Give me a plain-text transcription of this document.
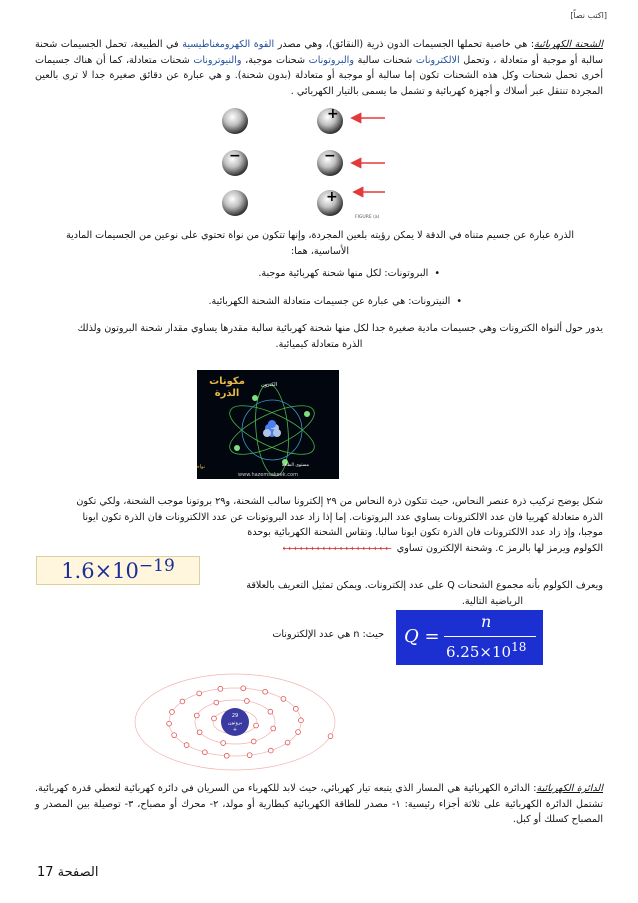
[اكتب نصاً]
الشحنة الكهربائية: هي خاصية تحملها الجسيمات الدون ذرية (النقائق)، وهي مصدر القوة الكهرومغناطيسية في الطبيعة، تحمل الجسيمات شحنة سالبة أو موجبة أو متعادلة ، وتحمل الالكترونات شحنات سالبة والبروتونات شحنات موجبة، والنيوترونات شحنات متعادلة، كما أن هناك جسيمات أخرى تحمل شحنات وكل هذه الشحنات تكون إما سالبة أو موجبة أو متعادلة (بدون شحنة). و هي عبارة عن دقائق صغيرة جدا لا ترى بالعين المجردة تنتقل عبر أسلاك و أجهزة كهربائية و تشمل ما يسمى بالتيار الكهربائي .
+
−	−
+
FIGURE (a)
الذرة عبارة عن جسيم متناه في الدقة لا يمكن رؤيته بلعين المجردة، وإنها تتكون من نواة تحتوي على نوعين من الجسيمات المادية
الأساسية، هما:
• البروتونات: لكل منها شحنة كهربائية موجبة.
• النيترونات: هي عبارة عن جسيمات متعادلة الشحنة الكهربائية.
يدور حول ألنواة الكترونات وهي جسيمات مادية صغيرة جدا لكل منها شحنة كهربائية سالبة مقدرها يساوي مقدار شحنة البروتون ولذلك
الذرة متعادلة كيميائية.
مكونات
الذرة
الكترون
نواة	مستوى الطاقة
www.hazemsakeek.com
شكل يوضح تركيب ذرة عنصر النحاس، حيث تتكون ذرة النحاس من ٢٩ إلكترونا سالب الشحنة، و٢٩ بروتونا موجب الشحنة، ولكي تكون
الذرة متعادلة كهربيا فان عدد الالكترونات يساوي عدد البروتونات. إما إذا زاد عدد البروتونات عن عدد الالكترونات فان الذرة تكون ايونا
موجبا، وإذ زاد عدد الالكترونات فان الذرة تكون ايونا سالبا. وتقاس الشحنة الكهربائية بوحدة
الكولوم ويرمز لها بالرمز c. وشحنة الإلكترون تساوي
←←←←←←←←←←←←←←←←←←←
$1.6\times 10^{-19}$
ويعرف الكولوم بأنه مجموع الشحنات Q على عدد إلكترونات. ويمكن تمثيل التعريف بالعلاقة
الرياضية التالية.
Q =
n
$6.25\times 10^{18}$
حيث: n هي عدد الإلكترونات
29
بروتون
+
الدائرة الكهربائية: الدائرة الكهربائية هي المسار الذي يتبعه تيار كهربائي، حيث لابد للكهرباء من السريان في دائرة كهربائية لتعطي قدرة كهربائية. تشتمل الدائرة الكهربائية على ثلاثة أجزاء رئيسية: ١- مصدر للطاقة الكهربائية كبطارية أو مولد، ٢- محرك أو مصباح، ٣- توصيلة بين المصدر و المصباح كسلك أو كبل.
الصفحة 17
